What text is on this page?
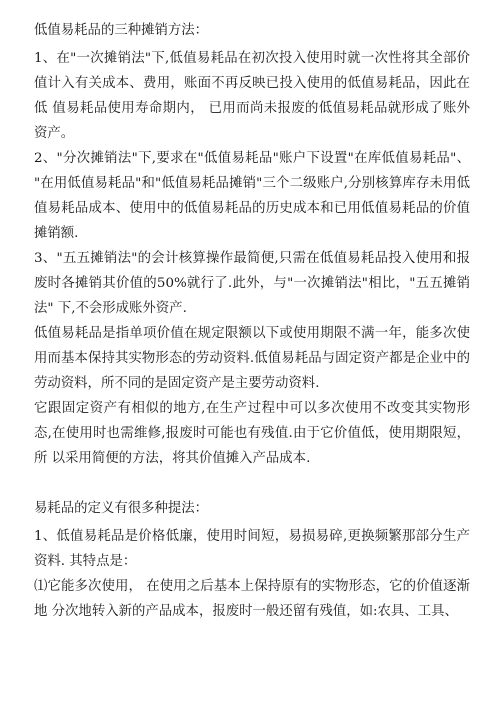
低值易耗品的三种摊销方法：

1、在"一次摊销法"下,低值易耗品在初次投入使用时就一次性将其全部价值计入有关成本、费用，账面不再反映已投入使用的低值易耗品，因此在低 值易耗品使用寿命期内， 已用而尚未报废的低值易耗品就形成了账外资产。

2、"分次摊销法"下,要求在"低值易耗品"账户下设置"在库低值易耗品"、 "在用低值易耗品"和"低值易耗品摊销"三个二级账户,分别核算库存未用低值易耗品成本、使用中的低值易耗品的历史成本和已用低值易耗品的价值摊销额.

3、"五五摊销法"的会计核算操作最简便,只需在低值易耗品投入使用和报废时各摊销其价值的50%就行了.此外，与"一次摊销法"相比，"五五摊销法" 下,不会形成账外资产.

低值易耗品是指单项价值在规定限额以下或使用期限不满一年，能多次使用而基本保持其实物形态的劳动资料.低值易耗品与固定资产都是企业中的劳动资料，所不同的是固定资产是主要劳动资料.

它跟固定资产有相似的地方,在生产过程中可以多次使用不改变其实物形态,在使用时也需维修,报废时可能也有残值.由于它价值低，使用期限短，所 以采用简便的方法，将其价值摊入产品成本.

易耗品的定义有很多种提法：

1、低值易耗品是价格低廉，使用时间短，易损易碎,更换频繁那部分生产资料. 其特点是：

⑴它能多次使用， 在使用之后基本上保持原有的实物形态，它的价值逐渐地 分次地转入新的产品成本，报废时一般还留有残值，如:农具、工具、
